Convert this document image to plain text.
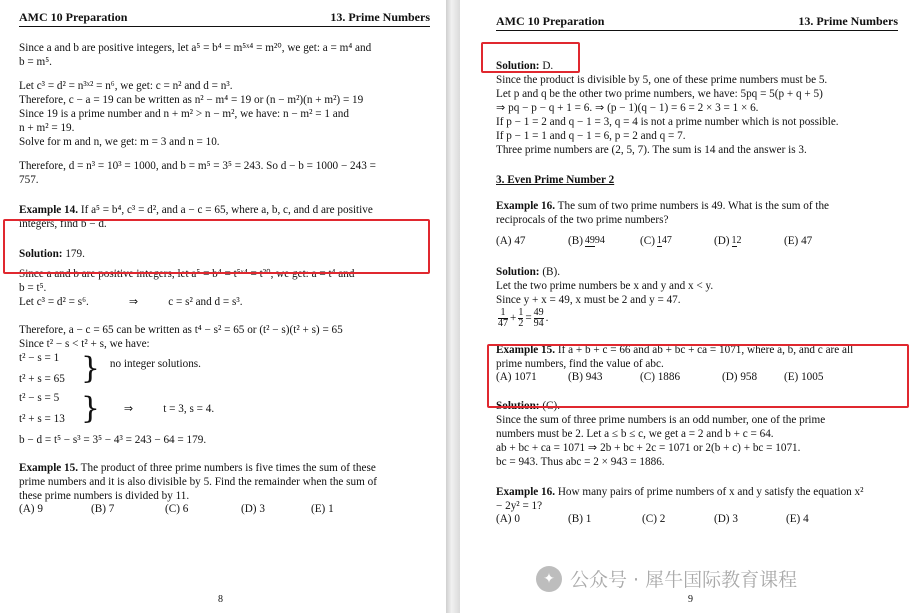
AMC 10 Preparation	13. Prime Numbers

Since a and b are positive integers, let a⁵ = b⁴ = m⁵ˣ⁴ = m²⁰, we get: a = m⁴ and

b = m⁵.

Let c³ = d² = n³ˣ² = n⁶, we get: c = n² and d = n³.

Therefore, c − a = 19 can be written as n² − m⁴ = 19 or (n − m²)(n + m²) = 19

Since 19 is a prime number and n + m² > n − m², we have: n − m² = 1 and

n + m² = 19.

Solve for m and n, we get: m = 3 and n = 10.

Therefore, d = n³ = 10³ = 1000, and b = m⁵ = 3⁵ = 243. So d − b = 1000 − 243 =

757.

Example 14. If a⁵ = b⁴, c³ = d², and a − c = 65, where a, b, c, and d are positive

integers, find b − d.

Solution: 179.

Since a and b are positive integers, let a⁵ = b⁴ = t⁵ˣ⁴ = t²⁰, we get: a = t⁴ and

b = t⁵.

Let c³ = d² = s⁶.	⇒	c = s² and d = s³.

Therefore, a − c = 65 can be written as t⁴ − s² = 65 or (t² − s)(t² + s) = 65

Since t² − s < t² + s, we have:

t² − s = 1
t² + s = 65 } no integer solutions.
t² − s = 5
t² + s = 13 } ⇒	t = 3, s = 4.

b − d = t⁵ − s³ = 3⁵ − 4³ = 243 − 64 = 179.

Example 15. The product of three prime numbers is five times the sum of these

prime numbers and it is also divisible by 5. Find the remainder when the sum of

these prime numbers is divided by 11.

(A) 9	(B) 7	(C) 6	(D) 3	(E) 1
8
AMC 10 Preparation	13. Prime Numbers

Solution: D.

Since the product is divisible by 5, one of these prime numbers must be 5.

Let p and q be the other two prime numbers, we have: 5pq = 5(p + q + 5)

⇒ pq − p − q + 1 = 6. ⇒ (p − 1)(q − 1) = 6 = 2 × 3 = 1 × 6.

If p − 1 = 2 and q − 1 = 3, q = 4 is not a prime number which is not possible.

If p − 1 = 1 and q − 1 = 6, p = 2 and q = 7.

Three prime numbers are (2, 5, 7). The sum is 14 and the answer is 3.

3. Even Prime Number 2

Example 16. The sum of two prime numbers is 49. What is the sum of the

reciprocals of the two prime numbers?

(A) 47	(B) 4994	(C) 147	(D) 12	(E) 47

Solution: (B).

Let the two prime numbers be x and y and x < y.

Since y + x = 49, x must be 2 and y = 47.

$\frac{1}{47} + \frac{1}{2} = \frac{49}{94}$ .

Example 15. If a + b + c = 66 and ab + bc + ca = 1071, where a, b, and c are all

prime numbers, find the value of abc.

(A) 1071	(B) 943	(C) 1886	(D) 958	(E) 1005

Solution: (C).

Since the sum of three prime numbers is an odd number, one of the prime

numbers must be 2. Let a ≤ b ≤ c, we get a = 2 and b + c = 64.

ab + bc + ca = 1071 ⇒ 2b + bc + 2c = 1071 or 2(b + c) + bc = 1071.

bc = 943. Thus abc = 2 × 943 = 1886.

Example 16. How many pairs of prime numbers of x and y satisfy the equation x²

− 2y² = 1?

(A) 0	(B) 1	(C) 2	(D) 3	(E) 4
9
✦ 公众号 · 犀牛国际教育课程
